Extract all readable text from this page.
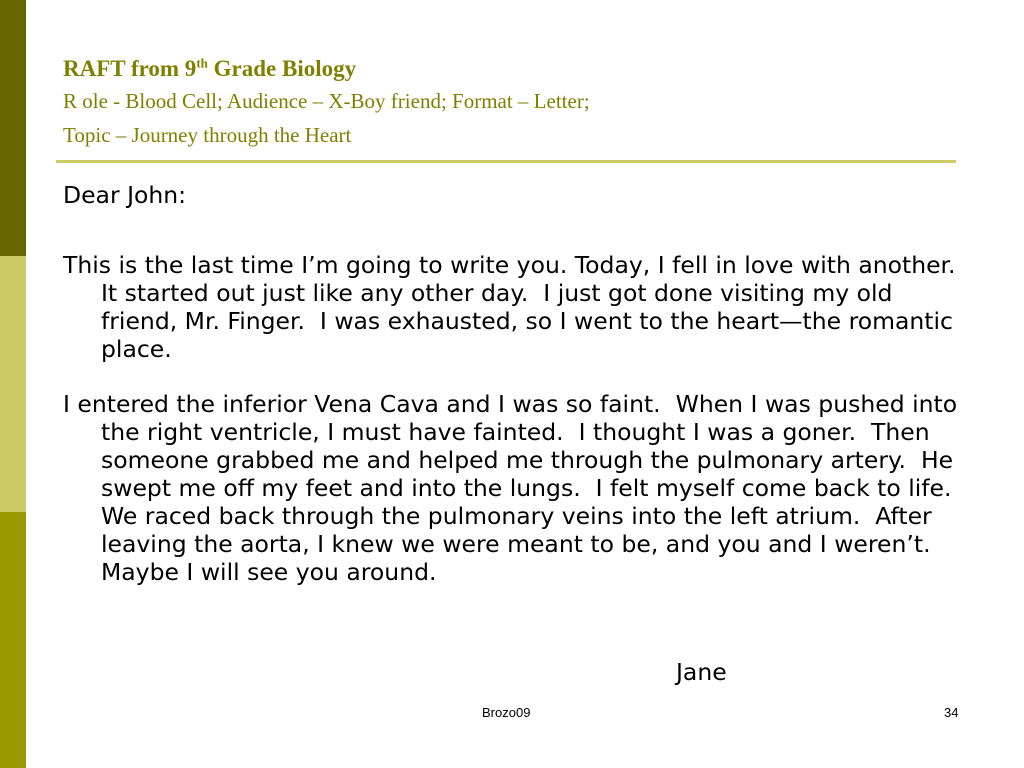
RAFT from 9th Grade Biology
R ole - Blood Cell; Audience – X-Boy friend; Format – Letter;
Topic – Journey through the Heart

Dear John:

This is the last time I’m going to write you. Today, I fell in love with another.  It started out just like any other day.  I just got done visiting my old friend, Mr. Finger.  I was exhausted, so I went to the heart—the romantic place.

I entered the inferior Vena Cava and I was so faint.  When I was pushed into the right ventricle, I must have fainted.  I thought I was a goner.  Then someone grabbed me and helped me through the pulmonary artery.  He swept me off my feet and into the lungs.  I felt myself come back to life.  We raced back through the pulmonary veins into the left atrium.  After leaving the aorta, I knew we were meant to be, and you and I weren’t.  Maybe I will see you around.

Jane
Brozo09	34
